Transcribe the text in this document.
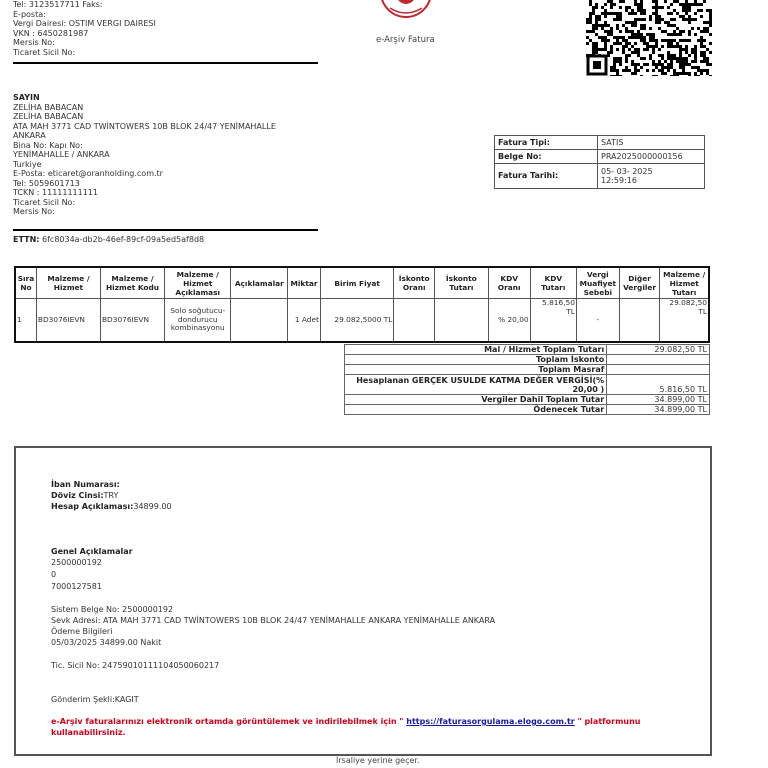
Tel: 3123517711 Faks:
E-posta:
Vergi Dairesi: OSTIM VERGI DAIRESI
VKN : 6450281987
Mersis No:
Ticaret Sicil No:
e-Arşiv Fatura
SAYIN
ZELİHA BABACAN
ZELİHA BABACAN
ATA MAH 3771 CAD TWİNTOWERS 10B BLOK 24/47 YENİMAHALLE
ANKARA
Bina No: Kapı No:
YENİMAHALLE / ANKARA
Turkiye
E-Posta: eticaret@oranholding.com.tr
Tel: 5059601713
TCKN : 11111111111
Ticaret Sicil No:
Mersis No:
ETTN: 6fc8034a-db2b-46ef-89cf-09a5ed5af8d8
Fatura Tipi:	SATIS
Belge No:	PRA2025000000156
Fatura Tarihi:	05- 03- 2025
12:59:16
Sıra No	Malzeme / Hizmet	Malzeme / Hizmet Kodu	Malzeme / Hizmet Açıklaması	Açıklamalar	Miktar	Birim Fiyat	İskonto Oranı	İskonto Tutarı	KDV Oranı	KDV Tutarı	Vergi Muafiyet Sebebi	Diğer Vergiler	Malzeme / Hizmet Tutarı
1	BD3076IEVN	BD3076IEVN	Solo soğutucu-dondurucu kombinasyonu		1 Adet	29.082,5000 TL			% 20,00	5.816,50 TL	-		29.082,50 TL
Mal / Hizmet Toplam Tutarı	29.082,50 TL
Toplam İskonto	
Toplam Masraf	
Hesaplanan GERÇEK USULDE KATMA DEĞER VERGİSİ(% 20,00 )	5.816,50 TL
Vergiler Dahil Toplam Tutar	34.899,00 TL
Ödenecek Tutar	34.899,00 TL
İban Numarası:
Döviz Cinsi:TRY
Hesap Açıklaması:34899.00
Genel Açıklamalar
2500000192
0
7000127581
Sistem Belge No: 2500000192
Sevk Adresi: ATA MAH 3771 CAD TWİNTOWERS 10B BLOK 24/47 YENİMAHALLE ANKARA YENİMAHALLE ANKARA
Ödeme Bilgileri
05/03/2025 34899.00 Nakit
Tic. Sicil No: 24759010111104050060217
Gönderim Şekli:KAGIT
e-Arşiv faturalarınızı elektronik ortamda görüntülemek ve indirilebilmek için " https://faturasorgulama.elogo.com.tr " platformunu
kullanabilirsiniz.
İrsaliye yerine geçer.
